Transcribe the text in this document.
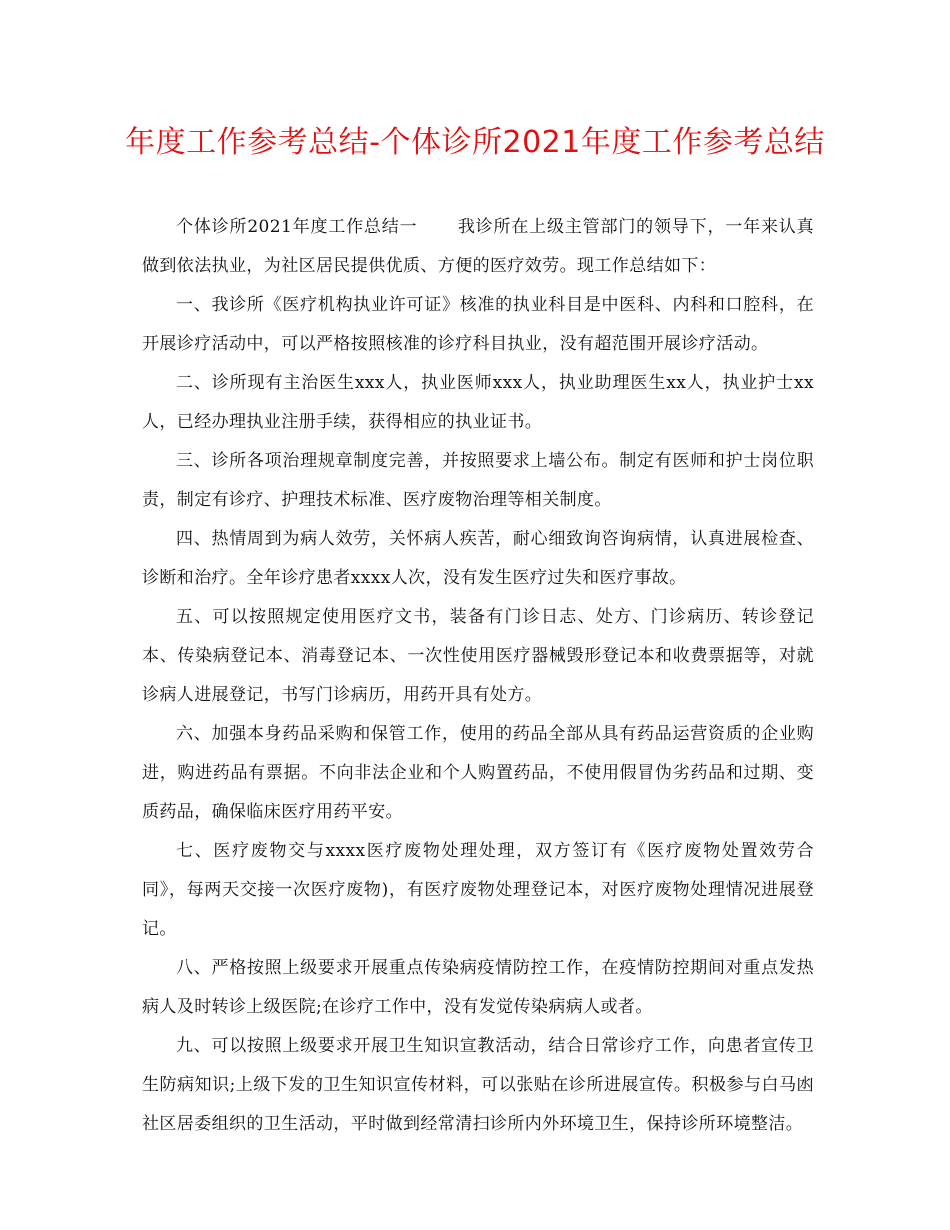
年度工作参考总结-个体诊所2021年度工作参考总结

个体诊所2021年度工作总结一 我诊所在上级主管部门的领导下，一年来认真做到依法执业，为社区居民提供优质、方便的医疗效劳。现工作总结如下：

一、我诊所《医疗机构执业许可证》核准的执业科目是中医科、内科和口腔科，在开展诊疗活动中，可以严格按照核准的诊疗科目执业，没有超范围开展诊疗活动。

二、诊所现有主治医生xxx人，执业医师xxx人，执业助理医生xx人，执业护士xx人，已经办理执业注册手续，获得相应的执业证书。

三、诊所各项治理规章制度完善，并按照要求上墙公布。制定有医师和护士岗位职责，制定有诊疗、护理技术标准、医疗废物治理等相关制度。

四、热情周到为病人效劳，关怀病人疾苦，耐心细致询咨询病情，认真进展检查、诊断和治疗。全年诊疗患者xxxx人次，没有发生医疗过失和医疗事故。

五、可以按照规定使用医疗文书，装备有门诊日志、处方、门诊病历、转诊登记本、传染病登记本、消毒登记本、一次性使用医疗器械毁形登记本和收费票据等，对就诊病人进展登记，书写门诊病历，用药开具有处方。

六、加强本身药品采购和保管工作，使用的药品全部从具有药品运营资质的企业购进，购进药品有票据。不向非法企业和个人购置药品，不使用假冒伪劣药品和过期、变质药品，确保临床医疗用药平安。

七、医疗废物交与xxxx医疗废物处理处理，双方签订有《医疗废物处置效劳合同》，每两天交接一次医疗废物)，有医疗废物处理登记本，对医疗废物处理情况进展登记。

八、严格按照上级要求开展重点传染病疫情防控工作，在疫情防控期间对重点发热病人及时转诊上级医院;在诊疗工作中，没有发觉传染病病人或者。

九、可以按照上级要求开展卫生知识宣教活动，结合日常诊疗工作，向患者宣传卫生防病知识;上级下发的卫生知识宣传材料，可以张贴在诊所进展宣传。积极参与白马凼社区居委组织的卫生活动，平时做到经常清扫诊所内外环境卫生，保持诊所环境整洁。
